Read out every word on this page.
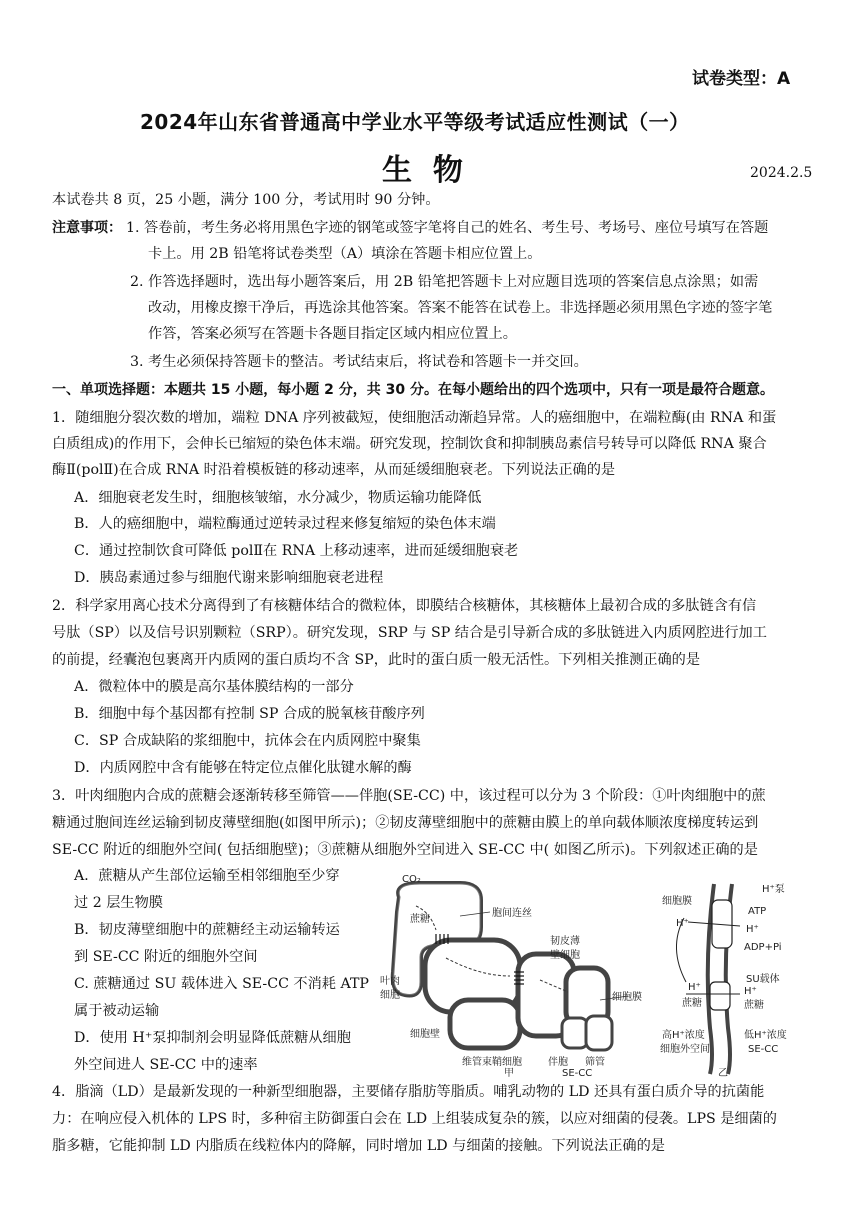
试卷类型：A
2024年山东省普通高中学业水平等级考试适应性测试（一）
生  物	2024.2.5
本试卷共 8 页，25 小题，满分 100 分，考试用时 90 分钟。
注意事项： 1. 答卷前，考生务必将用黑色字迹的钢笔或签字笔将自己的姓名、考生号、考场号、座位号填写在答题
卡上。用 2B 铅笔将试卷类型（A）填涂在答题卡相应位置上。
2. 作答选择题时，选出每小题答案后，用 2B 铅笔把答题卡上对应题目选项的答案信息点涂黑；如需
改动，用橡皮擦干净后，再选涂其他答案。答案不能答在试卷上。非选择题必须用黑色字迹的签字笔
作答，答案必须写在答题卡各题目指定区域内相应位置上。
3. 考生必须保持答题卡的整洁。考试结束后，将试卷和答题卡一并交回。
一、单项选择题：本题共 15 小题，每小题 2 分，共 30 分。在每小题给出的四个选项中，只有一项是最符合题意。
1．随细胞分裂次数的增加，端粒 DNA 序列被截短，使细胞活动渐趋异常。人的癌细胞中，在端粒酶(由 RNA 和蛋
白质组成)的作用下，会伸长已缩短的染色体末端。研究发现，控制饮食和抑制胰岛素信号转导可以降低 RNA 聚合
酶Ⅱ(polⅡ)在合成 RNA 时沿着模板链的移动速率，从而延缓细胞衰老。下列说法正确的是
A．细胞衰老发生时，细胞核皱缩，水分减少，物质运输功能降低
B．人的癌细胞中，端粒酶通过逆转录过程来修复缩短的染色体末端
C．通过控制饮食可降低 polⅡ在 RNA 上移动速率，进而延缓细胞衰老
D．胰岛素通过参与细胞代谢来影响细胞衰老进程
2．科学家用离心技术分离得到了有核糖体结合的微粒体，即膜结合核糖体，其核糖体上最初合成的多肽链含有信
号肽（SP）以及信号识别颗粒（SRP）。研究发现，SRP 与 SP 结合是引导新合成的多肽链进入内质网腔进行加工
的前提，经囊泡包裹离开内质网的蛋白质均不含 SP，此时的蛋白质一般无活性。下列相关推测正确的是
A．微粒体中的膜是高尔基体膜结构的一部分
B．细胞中每个基因都有控制 SP 合成的脱氧核苷酸序列
C．SP 合成缺陷的浆细胞中，抗体会在内质网腔中聚集
D．内质网腔中含有能够在特定位点催化肽键水解的酶
3．叶肉细胞内合成的蔗糖会逐渐转移至筛管——伴胞(SE-CC) 中，该过程可以分为 3 个阶段：①叶肉细胞中的蔗
糖通过胞间连丝运输到韧皮薄壁细胞(如图甲所示)；②韧皮薄壁细胞中的蔗糖由膜上的单向载体顺浓度梯度转运到
SE-CC 附近的细胞外空间( 包括细胞壁)；③蔗糖从细胞外空间进入 SE-CC 中( 如图乙所示)。下列叙述正确的是
A．蔗糖从产生部位运输至相邻细胞至少穿
过 2 层生物膜
B．韧皮薄壁细胞中的蔗糖经主动运输转运
到 SE-CC 附近的细胞外空间
C. 蔗糖通过 SU 载体进入 SE-CC 不消耗 ATP
属于被动运输
D．使用 H⁺泵抑制剂会明显降低蔗糖从细胞
外空间进人 SE-CC 中的速率
CO₂
蔗糖
胞间连丝
叶肉
细胞
韧皮薄
壁细胞
细胞膜
细胞壁
维管束鞘细胞	伴胞 筛管
SE-CC
甲
细胞膜
H⁺泵
ATP
H⁺
H⁺
ADP+Pi
SU载体
H⁺	H⁺
蔗糖	蔗糖
高H⁺浓度
细胞外空间
低H⁺浓度
SE-CC
乙
4．脂滴（LD）是最新发现的一种新型细胞器，主要储存脂肪等脂质。哺乳动物的 LD 还具有蛋白质介导的抗菌能
力：在响应侵入机体的 LPS 时，多种宿主防御蛋白会在 LD 上组装成复杂的簇，以应对细菌的侵袭。LPS 是细菌的
脂多糖，它能抑制 LD 内脂质在线粒体内的降解，同时增加 LD 与细菌的接触。下列说法正确的是
